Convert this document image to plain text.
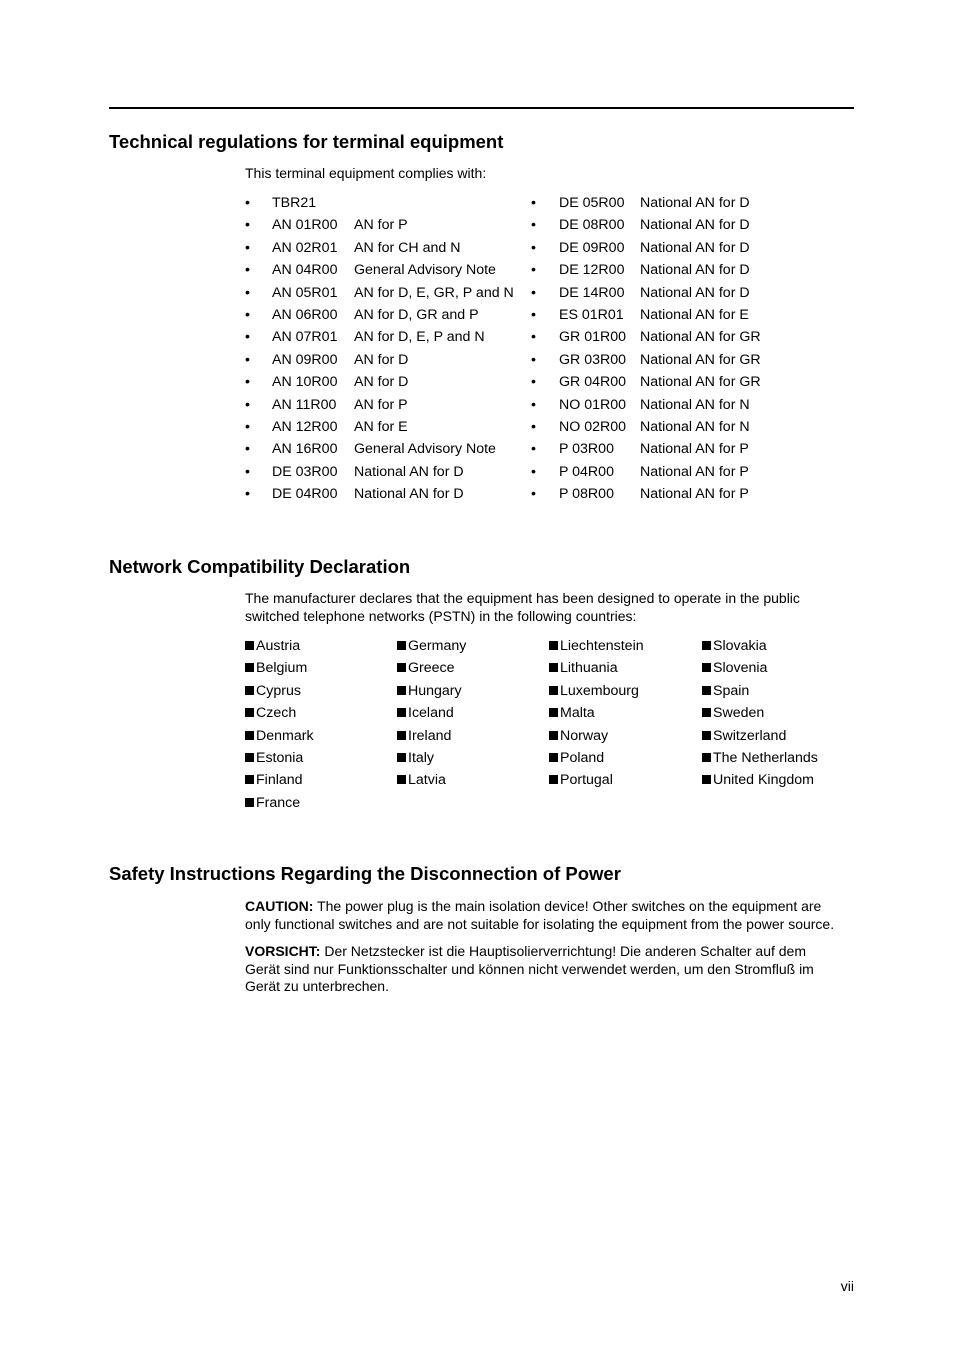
Technical regulations for terminal equipment

This terminal equipment complies with:

• TBR21
• AN 01R00 AN for P
• AN 02R01 AN for CH and N
• AN 04R00 General Advisory Note
• AN 05R01 AN for D, E, GR, P and N
• AN 06R00 AN for D, GR and P
• AN 07R01 AN for D, E, P and N
• AN 09R00 AN for D
• AN 10R00 AN for D
• AN 11R00 AN for P
• AN 12R00 AN for E
• AN 16R00 General Advisory Note
• DE 03R00 National AN for D
• DE 04R00 National AN for D
• DE 05R00 National AN for D
• DE 08R00 National AN for D
• DE 09R00 National AN for D
• DE 12R00 National AN for D
• DE 14R00 National AN for D
• ES 01R01 National AN for E
• GR 01R00 National AN for GR
• GR 03R00 National AN for GR
• GR 04R00 National AN for GR
• NO 01R00 National AN for N
• NO 02R00 National AN for N
• P 03R00 National AN for P
• P 04R00 National AN for P
• P 08R00 National AN for P
Network Compatibility Declaration

The manufacturer declares that the equipment has been designed to operate in the public
switched telephone networks (PSTN) in the following countries:

Austria
Belgium
Cyprus
Czech
Denmark
Estonia
Finland
France
Germany
Greece
Hungary
Iceland
Ireland
Italy
Latvia
Liechtenstein
Lithuania
Luxembourg
Malta
Norway
Poland
Portugal
Slovakia
Slovenia
Spain
Sweden
Switzerland
The Netherlands
United Kingdom
Safety Instructions Regarding the Disconnection of Power

CAUTION: The power plug is the main isolation device! Other switches on the equipment are
only functional switches and are not suitable for isolating the equipment from the power source.

VORSICHT: Der Netzstecker ist die Hauptisolierverrichtung! Die anderen Schalter auf dem
Gerät sind nur Funktionsschalter und können nicht verwendet werden, um den Stromfluß im
Gerät zu unterbrechen.

vii
